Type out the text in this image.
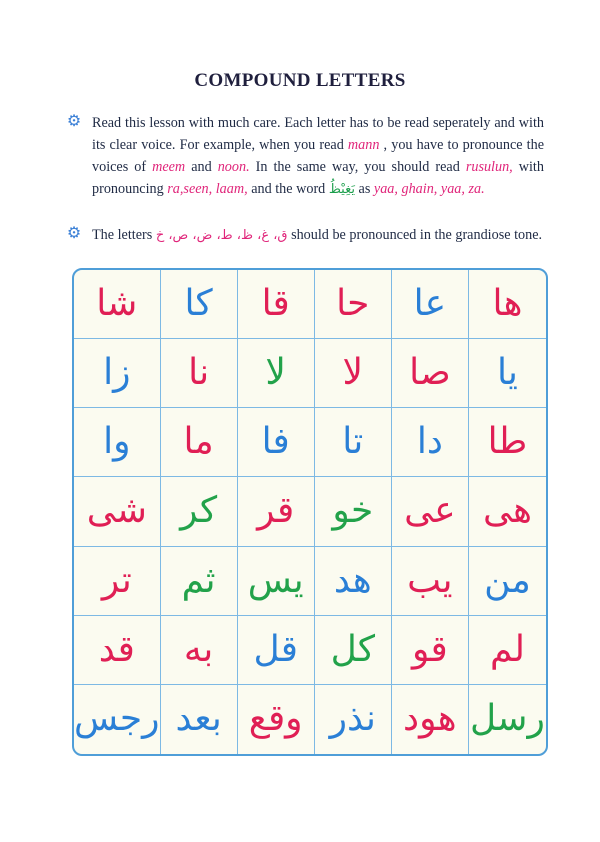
COMPOUND LETTERS
⚙ Read this lesson with much care. Each letter has to be read seperately and with its clear voice. For example, when you read mann , you have to pronounce the voices of meem and noon. In the same way, you should read rusulun, with pronouncing ra,seen, laam, and the word يَغِيْظُ as yaa, ghain, yaa, za.
⚙ The letters ق، غ، ظ، ط، ض، ص، خ should be pronounced in the grandiose tone.
شا	كا	قا	حا	عا	ها
زا	نا	لا	لا	صا	يا
وا	ما	فا	تا	دا	طا
شى كر	قر	خو عى هى
تر	ثم يس هد يب من
قد	به	قل كل	قو	لم
رجس بعد وقع نذر هود رسل
